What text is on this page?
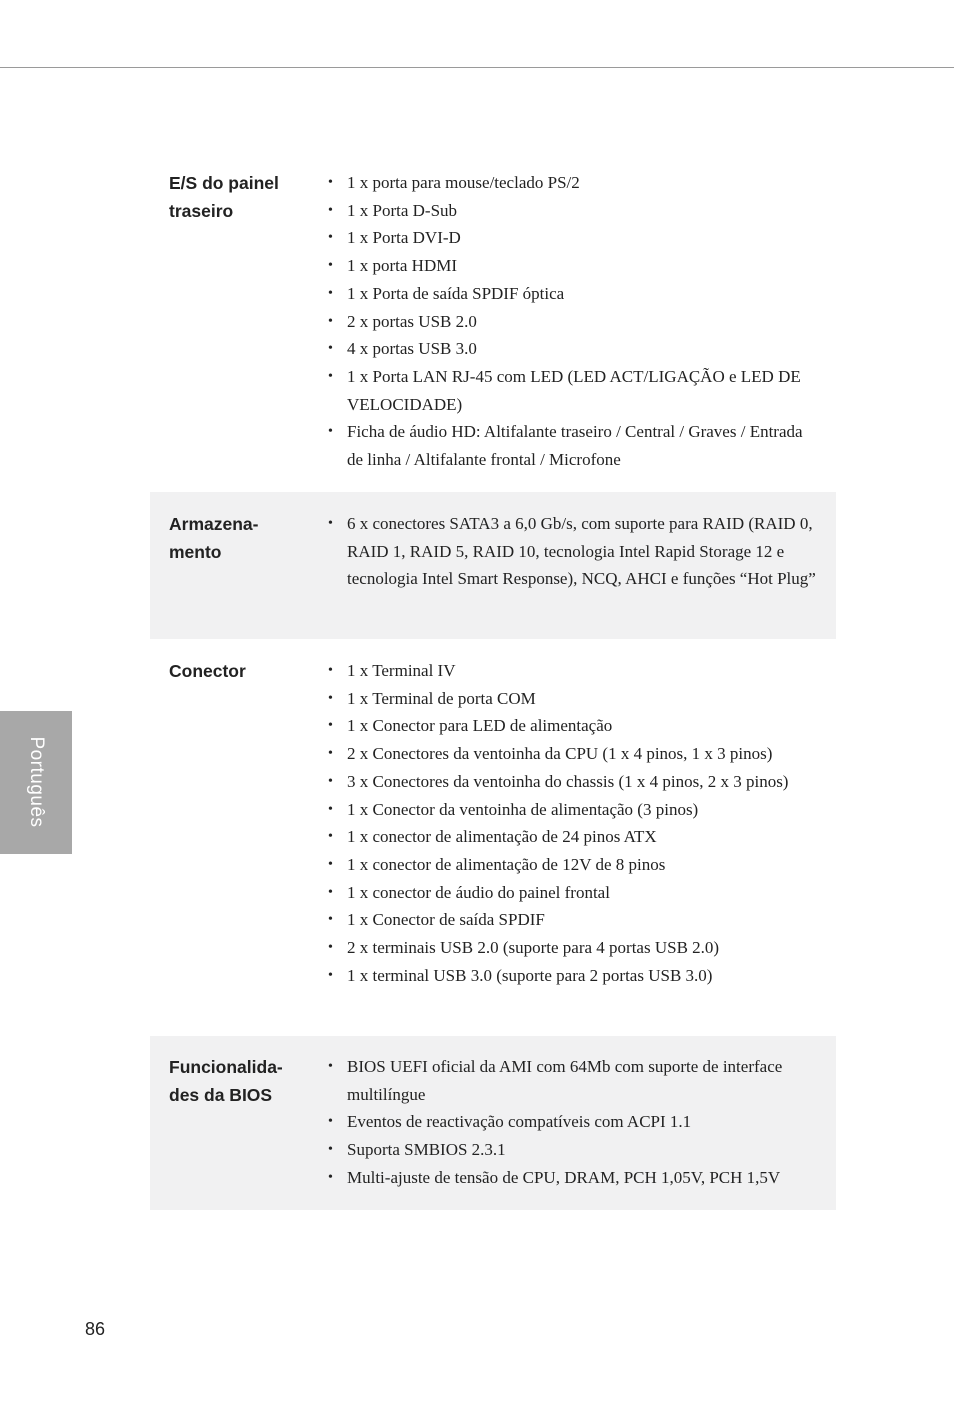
Português
E/S do painel traseiro
• 1 x porta para mouse/teclado PS/2
• 1 x Porta D-Sub
• 1 x Porta DVI-D
• 1 x porta HDMI
• 1 x Porta de saída SPDIF óptica
• 2 x portas USB 2.0
• 4 x portas USB 3.0
• 1 x Porta LAN RJ-45 com LED (LED ACT/LIGAÇÃO e LED DE VELOCIDADE)
• Ficha de áudio HD: Altifalante traseiro / Central / Graves / Entrada de linha / Altifalante frontal / Microfone
Armazena-mento
• 6 x conectores SATA3 a 6,0 Gb/s, com suporte para RAID (RAID 0, RAID 1, RAID 5, RAID 10, tecnologia Intel Rapid Storage 12 e tecnologia Intel Smart Response), NCQ, AHCI e funções “Hot Plug”
Conector
•	1 x Terminal IV
• 1 x Terminal de porta COM
• 1 x Conector para LED de alimentação
• 2 x Conectores da ventoinha da CPU (1 x 4 pinos, 1 x 3 pinos)
• 3 x Conectores da ventoinha do chassis (1 x 4 pinos, 2 x 3 pinos)
• 1 x Conector da ventoinha de alimentação (3 pinos)
• 1 x conector de alimentação de 24 pinos ATX
• 1 x conector de alimentação de 12V de 8 pinos
• 1 x conector de áudio do painel frontal
• 1 x Conector de saída SPDIF
• 2 x terminais USB 2.0 (suporte para 4 portas USB 2.0)
• 1 x terminal USB 3.0 (suporte para 2 portas USB 3.0)
Funcionalida-des da BIOS
• BIOS UEFI oficial da AMI com 64Mb com suporte de interface multilíngue
• Eventos de reactivação compatíveis com ACPI 1.1
• Suporta SMBIOS 2.3.1
• Multi-ajuste de tensão de CPU, DRAM, PCH 1,05V, PCH 1,5V
86
